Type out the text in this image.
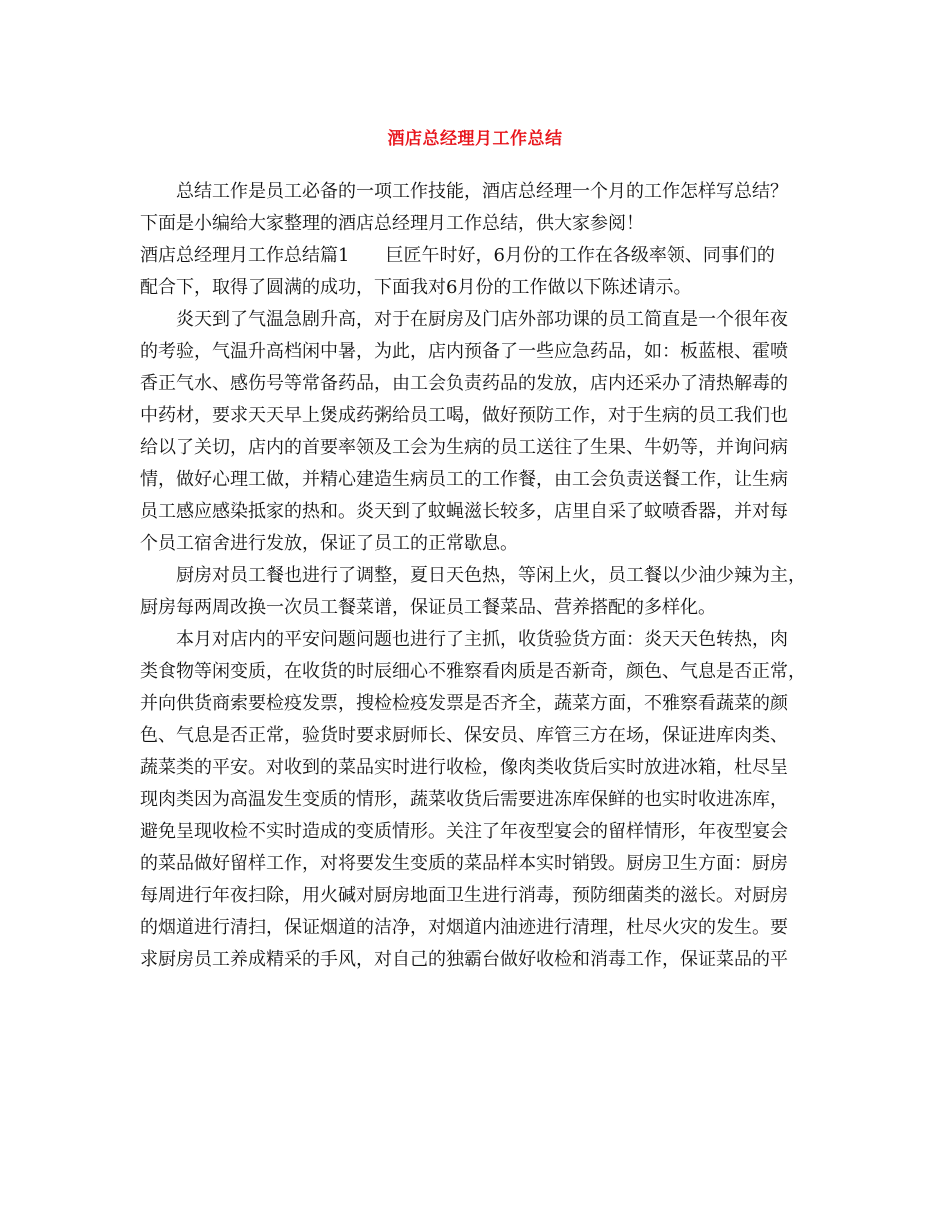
酒店总经理月工作总结
总结工作是员工必备的一项工作技能，酒店总经理一个月的工作怎样写总结？
下面是小编给大家整理的酒店总经理月工作总结，供大家参阅！
酒店总经理月工作总结篇1　　巨匠午时好，6月份的工作在各级率领、同事们的
配合下，取得了圆满的成功，下面我对6月份的工作做以下陈述请示。
炎天到了气温急剧升高，对于在厨房及门店外部功课的员工简直是一个很年夜
的考验，气温升高档闲中暑，为此，店内预备了一些应急药品，如：板蓝根、霍喷
香正气水、感伤号等常备药品，由工会负责药品的发放，店内还采办了清热解毒的
中药材，要求天天早上煲成药粥给员工喝，做好预防工作，对于生病的员工我们也
给以了关切，店内的首要率领及工会为生病的员工送往了生果、牛奶等，并询问病
情，做好心理工做，并精心建造生病员工的工作餐，由工会负责送餐工作，让生病
员工感应感染抵家的热和。炎天到了蚊蝇滋长较多，店里自采了蚊喷香器，并对每
个员工宿舍进行发放，保证了员工的正常歇息。
厨房对员工餐也进行了调整，夏日天色热，等闲上火，员工餐以少油少辣为主，
厨房每两周改换一次员工餐菜谱，保证员工餐菜品、营养搭配的多样化。
本月对店内的平安问题问题也进行了主抓，收货验货方面：炎天天色转热，肉
类食物等闲变质，在收货的时辰细心不雅察看肉质是否新奇，颜色、气息是否正常，
并向供货商索要检疫发票，搜检检疫发票是否齐全，蔬菜方面，不雅察看蔬菜的颜
色、气息是否正常，验货时要求厨师长、保安员、库管三方在场，保证进库肉类、
蔬菜类的平安。对收到的菜品实时进行收检，像肉类收货后实时放进冰箱，杜尽呈
现肉类因为高温发生变质的情形，蔬菜收货后需要进冻库保鲜的也实时收进冻库，
避免呈现收检不实时造成的变质情形。关注了年夜型宴会的留样情形，年夜型宴会
的菜品做好留样工作，对将要发生变质的菜品样本实时销毁。厨房卫生方面：厨房
每周进行年夜扫除，用火碱对厨房地面卫生进行消毒，预防细菌类的滋长。对厨房
的烟道进行清扫，保证烟道的洁净，对烟道内油迹进行清理，杜尽火灾的发生。要
求厨房员工养成精采的手风，对自己的独霸台做好收检和消毒工作，保证菜品的平
